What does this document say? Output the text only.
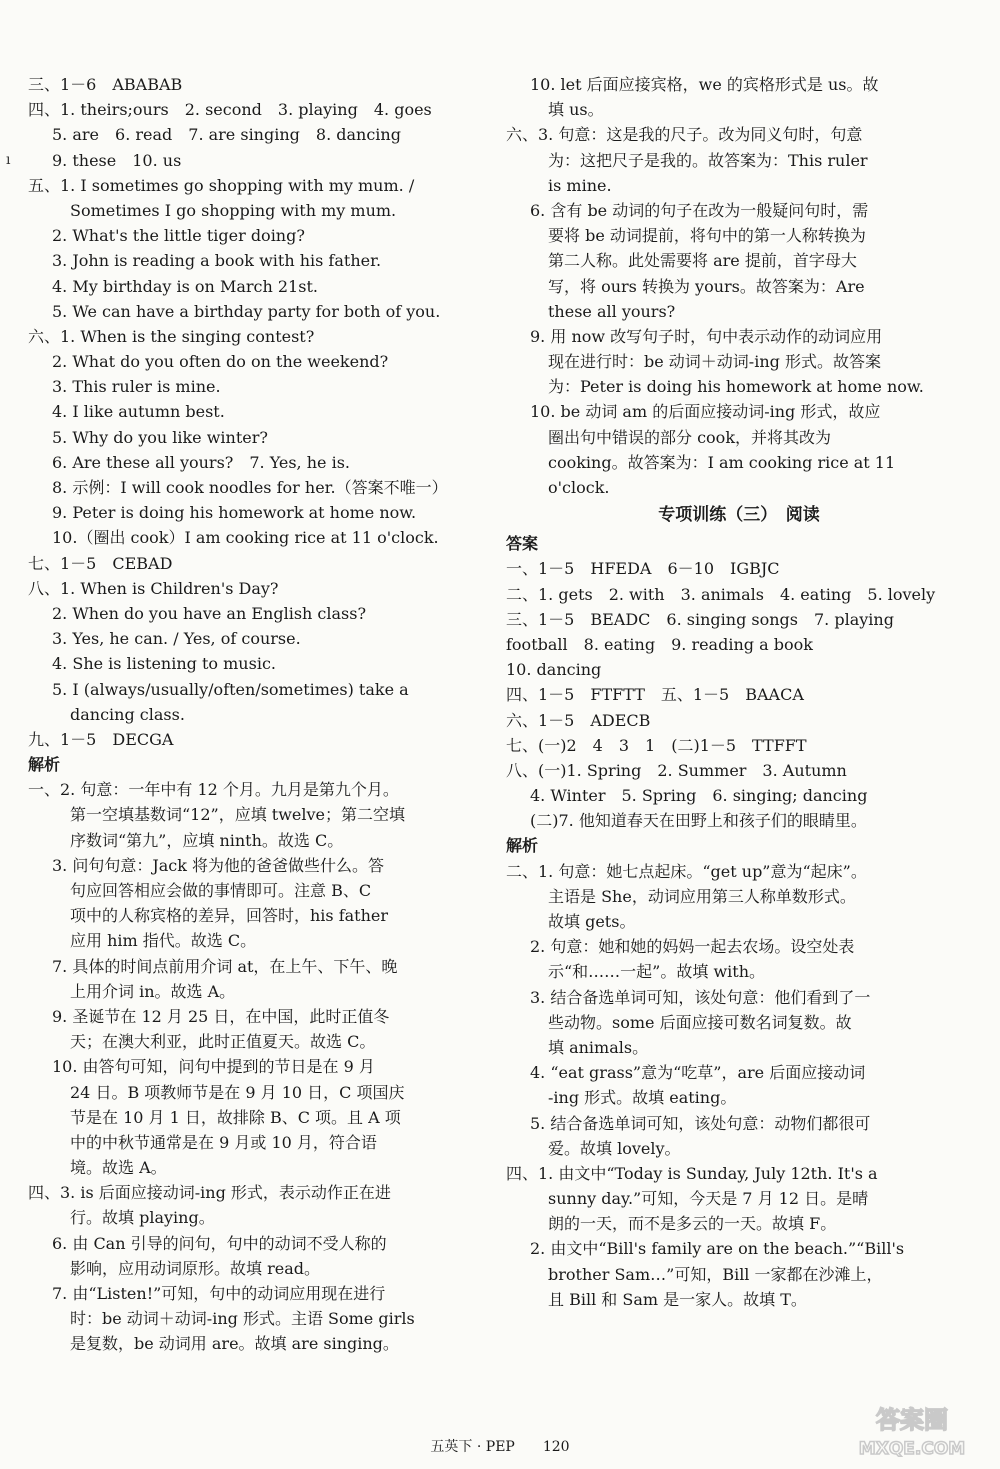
ı
三、1－6　ABABAB
四、1. theirs;ours　2. second　3. playing　4. goes
5. are　6. read　7. are singing　8. dancing
9. these　10. us
五、1. I sometimes go shopping with my mum. /
Sometimes I go shopping with my mum.
2. What's the little tiger doing?
3. John is reading a book with his father.
4. My birthday is on March 21st.
5. We can have a birthday party for both of you.
六、1. When is the singing contest?
2. What do you often do on the weekend?
3. This ruler is mine.
4. I like autumn best.
5. Why do you like winter?
6. Are these all yours?　7. Yes, he is.
8. 示例：I will cook noodles for her.（答案不唯一）
9. Peter is doing his homework at home now.
10.（圈出 cook）I am cooking rice at 11 o'clock.
七、1－5　CEBAD
八、1. When is Children's Day?
2. When do you have an English class?
3. Yes, he can. / Yes, of course.
4. She is listening to music.
5. I (always/usually/often/sometimes) take a
dancing class.
九、1－5　DECGA
解析
一、2. 句意：一年中有 12 个月。九月是第九个月。
第一空填基数词“12”，应填 twelve；第二空填
序数词“第九”，应填 ninth。故选 C。
3. 问句句意：Jack 将为他的爸爸做些什么。答
句应回答相应会做的事情即可。注意 B、C
项中的人称宾格的差异，回答时，his father
应用 him 指代。故选 C。
7. 具体的时间点前用介词 at，在上午、下午、晚
上用介词 in。故选 A。
9. 圣诞节在 12 月 25 日，在中国，此时正值冬
天；在澳大利亚，此时正值夏天。故选 C。
10. 由答句可知，问句中提到的节日是在 9 月
24 日。B 项教师节是在 9 月 10 日，C 项国庆
节是在 10 月 1 日，故排除 B、C 项。且 A 项
中的中秋节通常是在 9 月或 10 月，符合语
境。故选 A。
四、3. is 后面应接动词-ing 形式，表示动作正在进
行。故填 playing。
6. 由 Can 引导的问句，句中的动词不受人称的
影响，应用动词原形。故填 read。
7. 由“Listen!”可知，句中的动词应用现在进行
时：be 动词＋动词-ing 形式。主语 Some girls
是复数，be 动词用 are。故填 are singing。
10. let 后面应接宾格，we 的宾格形式是 us。故
填 us。
六、3. 句意：这是我的尺子。改为同义句时，句意
为：这把尺子是我的。故答案为：This ruler
is mine.
6. 含有 be 动词的句子在改为一般疑问句时，需
要将 be 动词提前，将句中的第一人称转换为
第二人称。此处需要将 are 提前，首字母大
写，将 ours 转换为 yours。故答案为：Are
these all yours?
9. 用 now 改写句子时，句中表示动作的动词应用
现在进行时：be 动词＋动词-ing 形式。故答案
为：Peter is doing his homework at home now.
10. be 动词 am 的后面应接动词-ing 形式，故应
圈出句中错误的部分 cook，并将其改为
cooking。故答案为：I am cooking rice at 11
o'clock.
专项训练（三）　阅读
答案
一、1－5　HFEDA　6－10　IGBJC
二、1. gets　2. with　3. animals　4. eating　5. lovely
三、1－5　BEADC　6. singing songs　7. playing
football　8. eating　9. reading a book
10. dancing
四、1－5　FTFTT　五、1－5　BAACA
六、1－5　ADECB
七、(一)2　4　3　1　(二)1－5　TTFFT
八、(一)1. Spring　2. Summer　3. Autumn
4. Winter　5. Spring　6. singing; dancing
(二)7. 他知道春天在田野上和孩子们的眼睛里。
解析
二、1. 句意：她七点起床。“get up”意为“起床”。
主语是 She，动词应用第三人称单数形式。
故填 gets。
2. 句意：她和她的妈妈一起去农场。设空处表
示“和……一起”。故填 with。
3. 结合备选单词可知，该处句意：他们看到了一
些动物。some 后面应接可数名词复数。故
填 animals。
4. “eat grass”意为“吃草”，are 后面应接动词
-ing 形式。故填 eating。
5. 结合备选单词可知，该处句意：动物们都很可
爱。故填 lovely。
四、1. 由文中“Today is Sunday, July 12th. It's a
sunny day.”可知，今天是 7 月 12 日。是晴
朗的一天，而不是多云的一天。故填 F。
2. 由文中“Bill's family are on the beach.”“Bill's
brother Sam…”可知，Bill 一家都在沙滩上，
且 Bill 和 Sam 是一家人。故填 T。
五英下 · PEP　　120
答案圈
MXQE.COM
